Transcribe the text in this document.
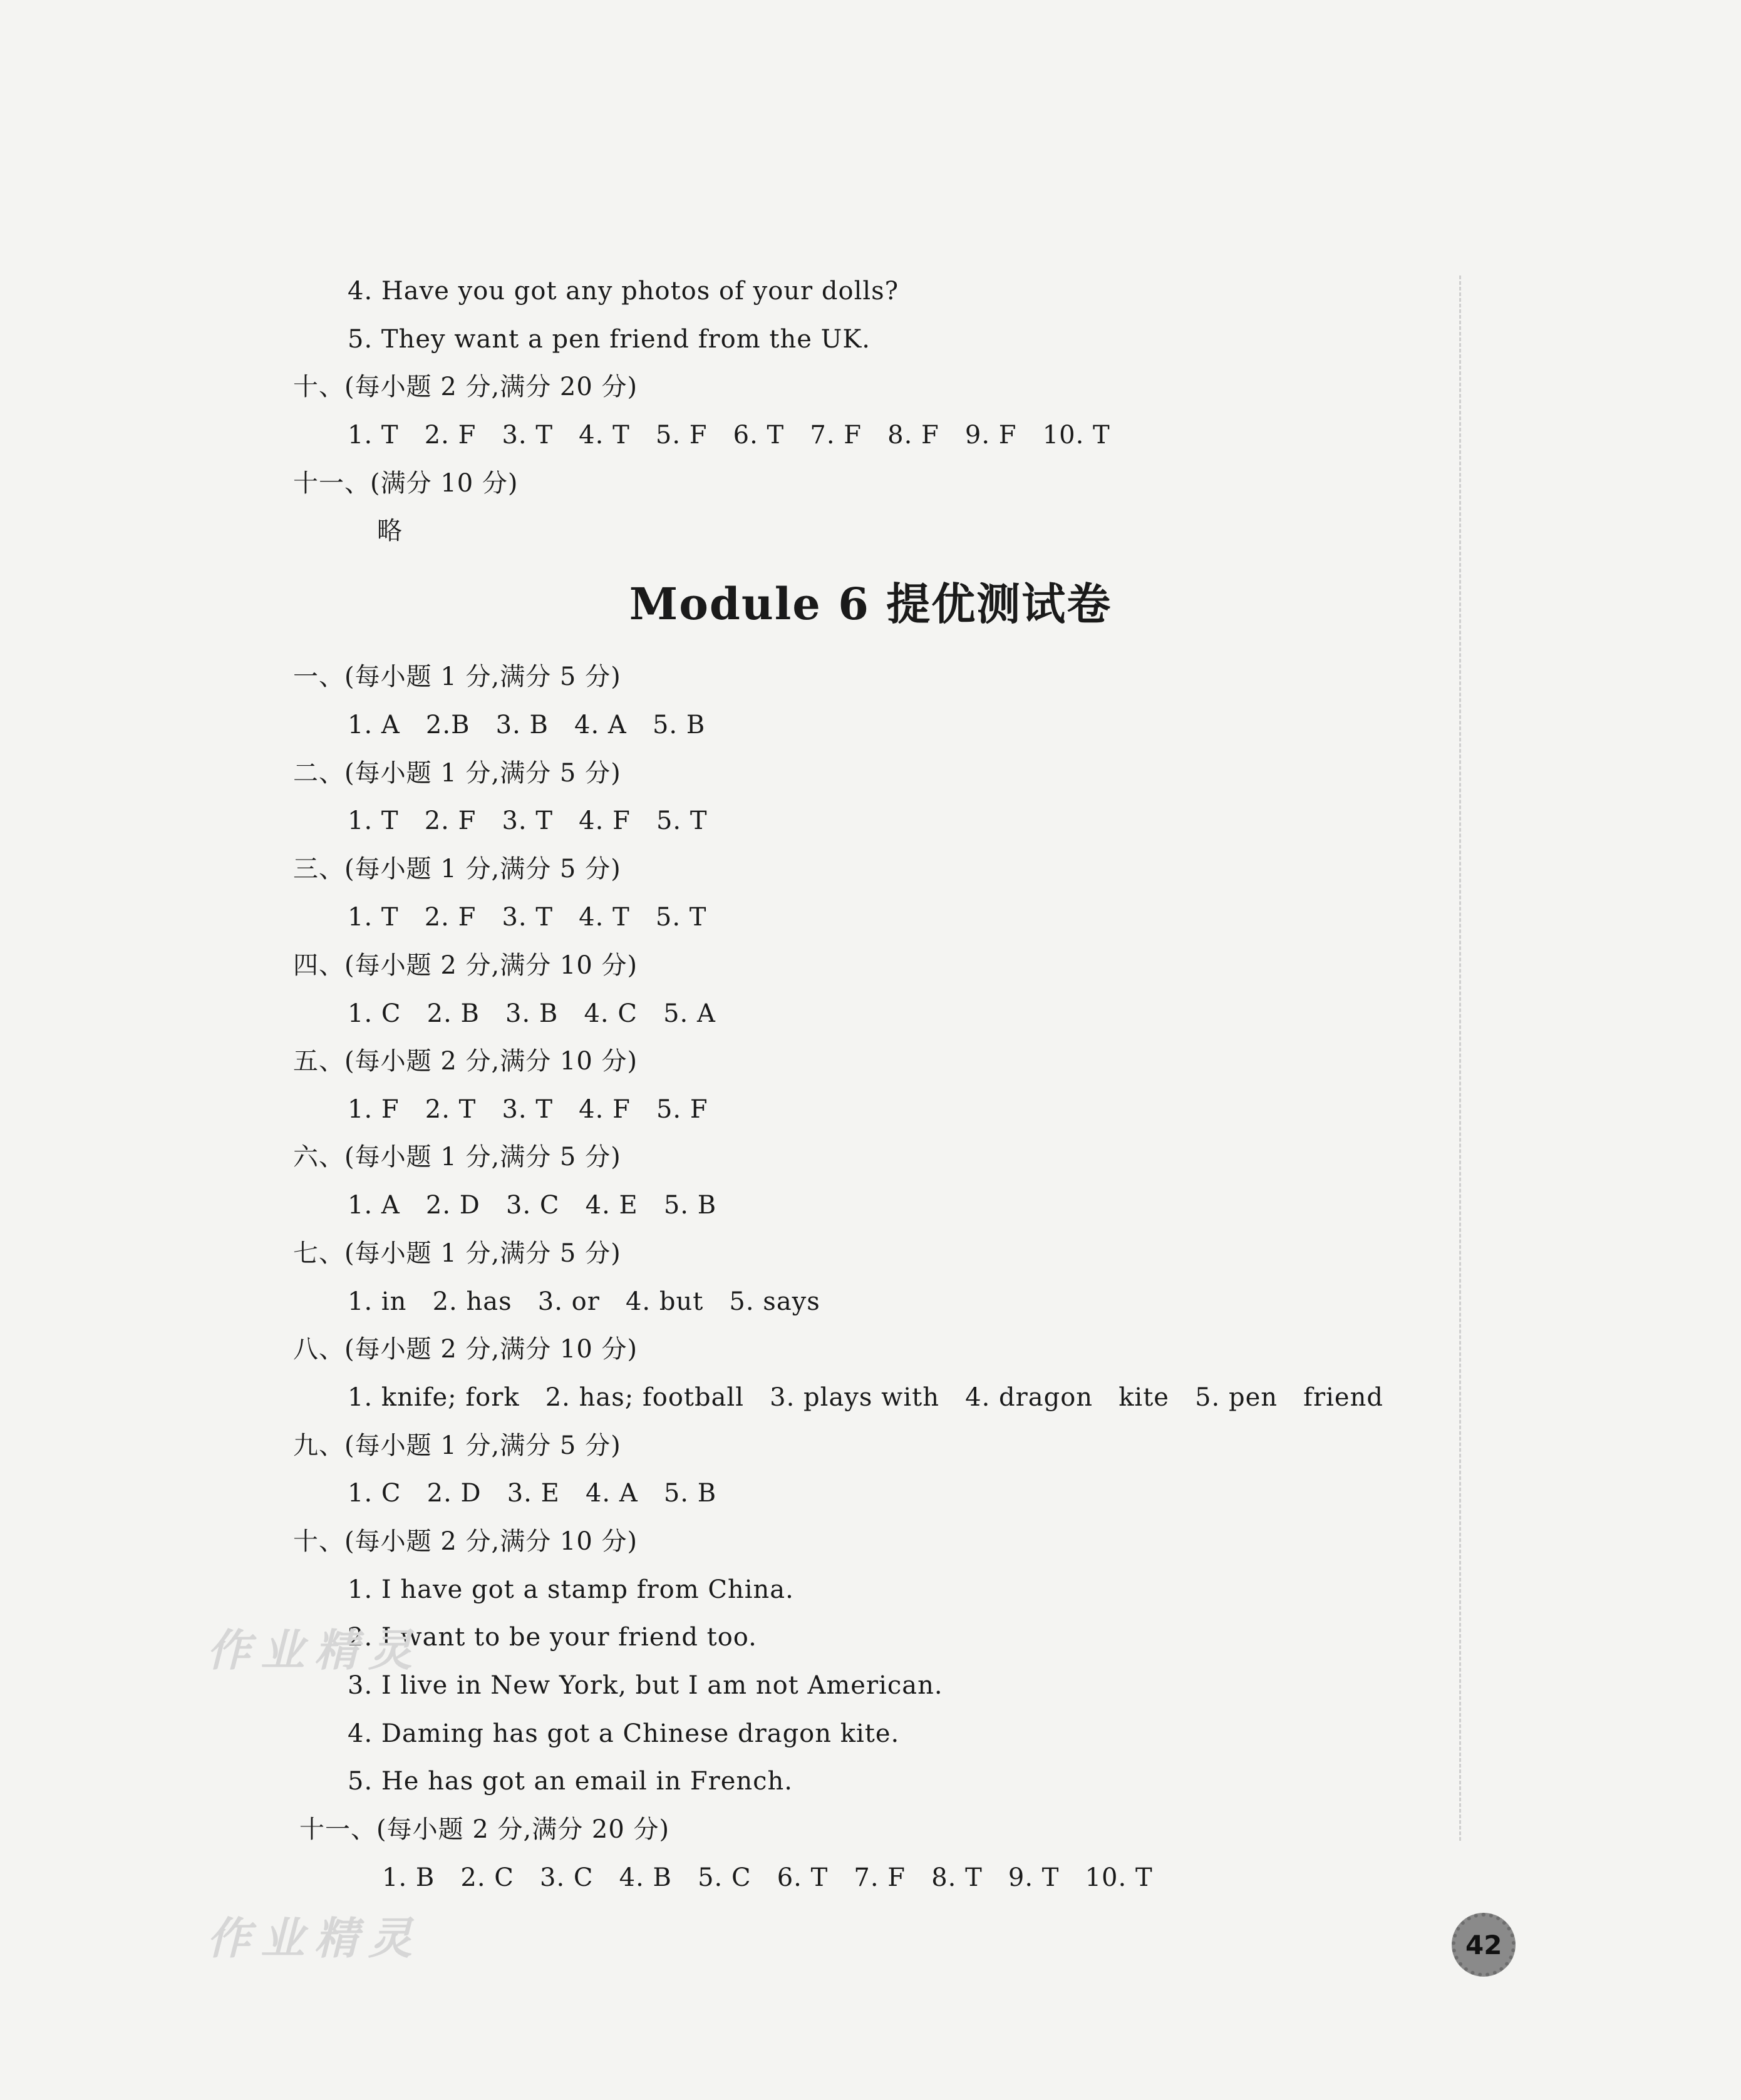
4. Have you got any photos of your dolls?
5. They want a pen friend from the UK.
十、(每小题 2 分,满分 20 分)
1. T   2. F   3. T   4. T   5. F   6. T   7. F   8. F   9. F   10. T
十一、(满分 10 分)
略
Module 6 提优测试卷
一、(每小题 1 分,满分 5 分)
1. A   2.B   3. B   4. A   5. B
二、(每小题 1 分,满分 5 分)
1. T   2. F   3. T   4. F   5. T
三、(每小题 1 分,满分 5 分)
1. T   2. F   3. T   4. T   5. T
四、(每小题 2 分,满分 10 分)
1. C   2. B   3. B   4. C   5. A
五、(每小题 2 分,满分 10 分)
1. F   2. T   3. T   4. F   5. F
六、(每小题 1 分,满分 5 分)
1. A   2. D   3. C   4. E   5. B
七、(每小题 1 分,满分 5 分)
1. in   2. has   3. or   4. but   5. says
八、(每小题 2 分,满分 10 分)
1. knife; fork   2. has; football   3. plays with   4. dragon   kite   5. pen   friend
九、(每小题 1 分,满分 5 分)
1. C   2. D   3. E   4. A   5. B
十、(每小题 2 分,满分 10 分)
1. I have got a stamp from China.
2. I want to be your friend too.
3. I live in New York, but I am not American.
4. Daming has got a Chinese dragon kite.
5. He has got an email in French.
十一、(每小题 2 分,满分 20 分)
1. B   2. C   3. C   4. B   5. C   6. T   7. F   8. T   9. T   10. T
作业精灵
作业精灵	42
